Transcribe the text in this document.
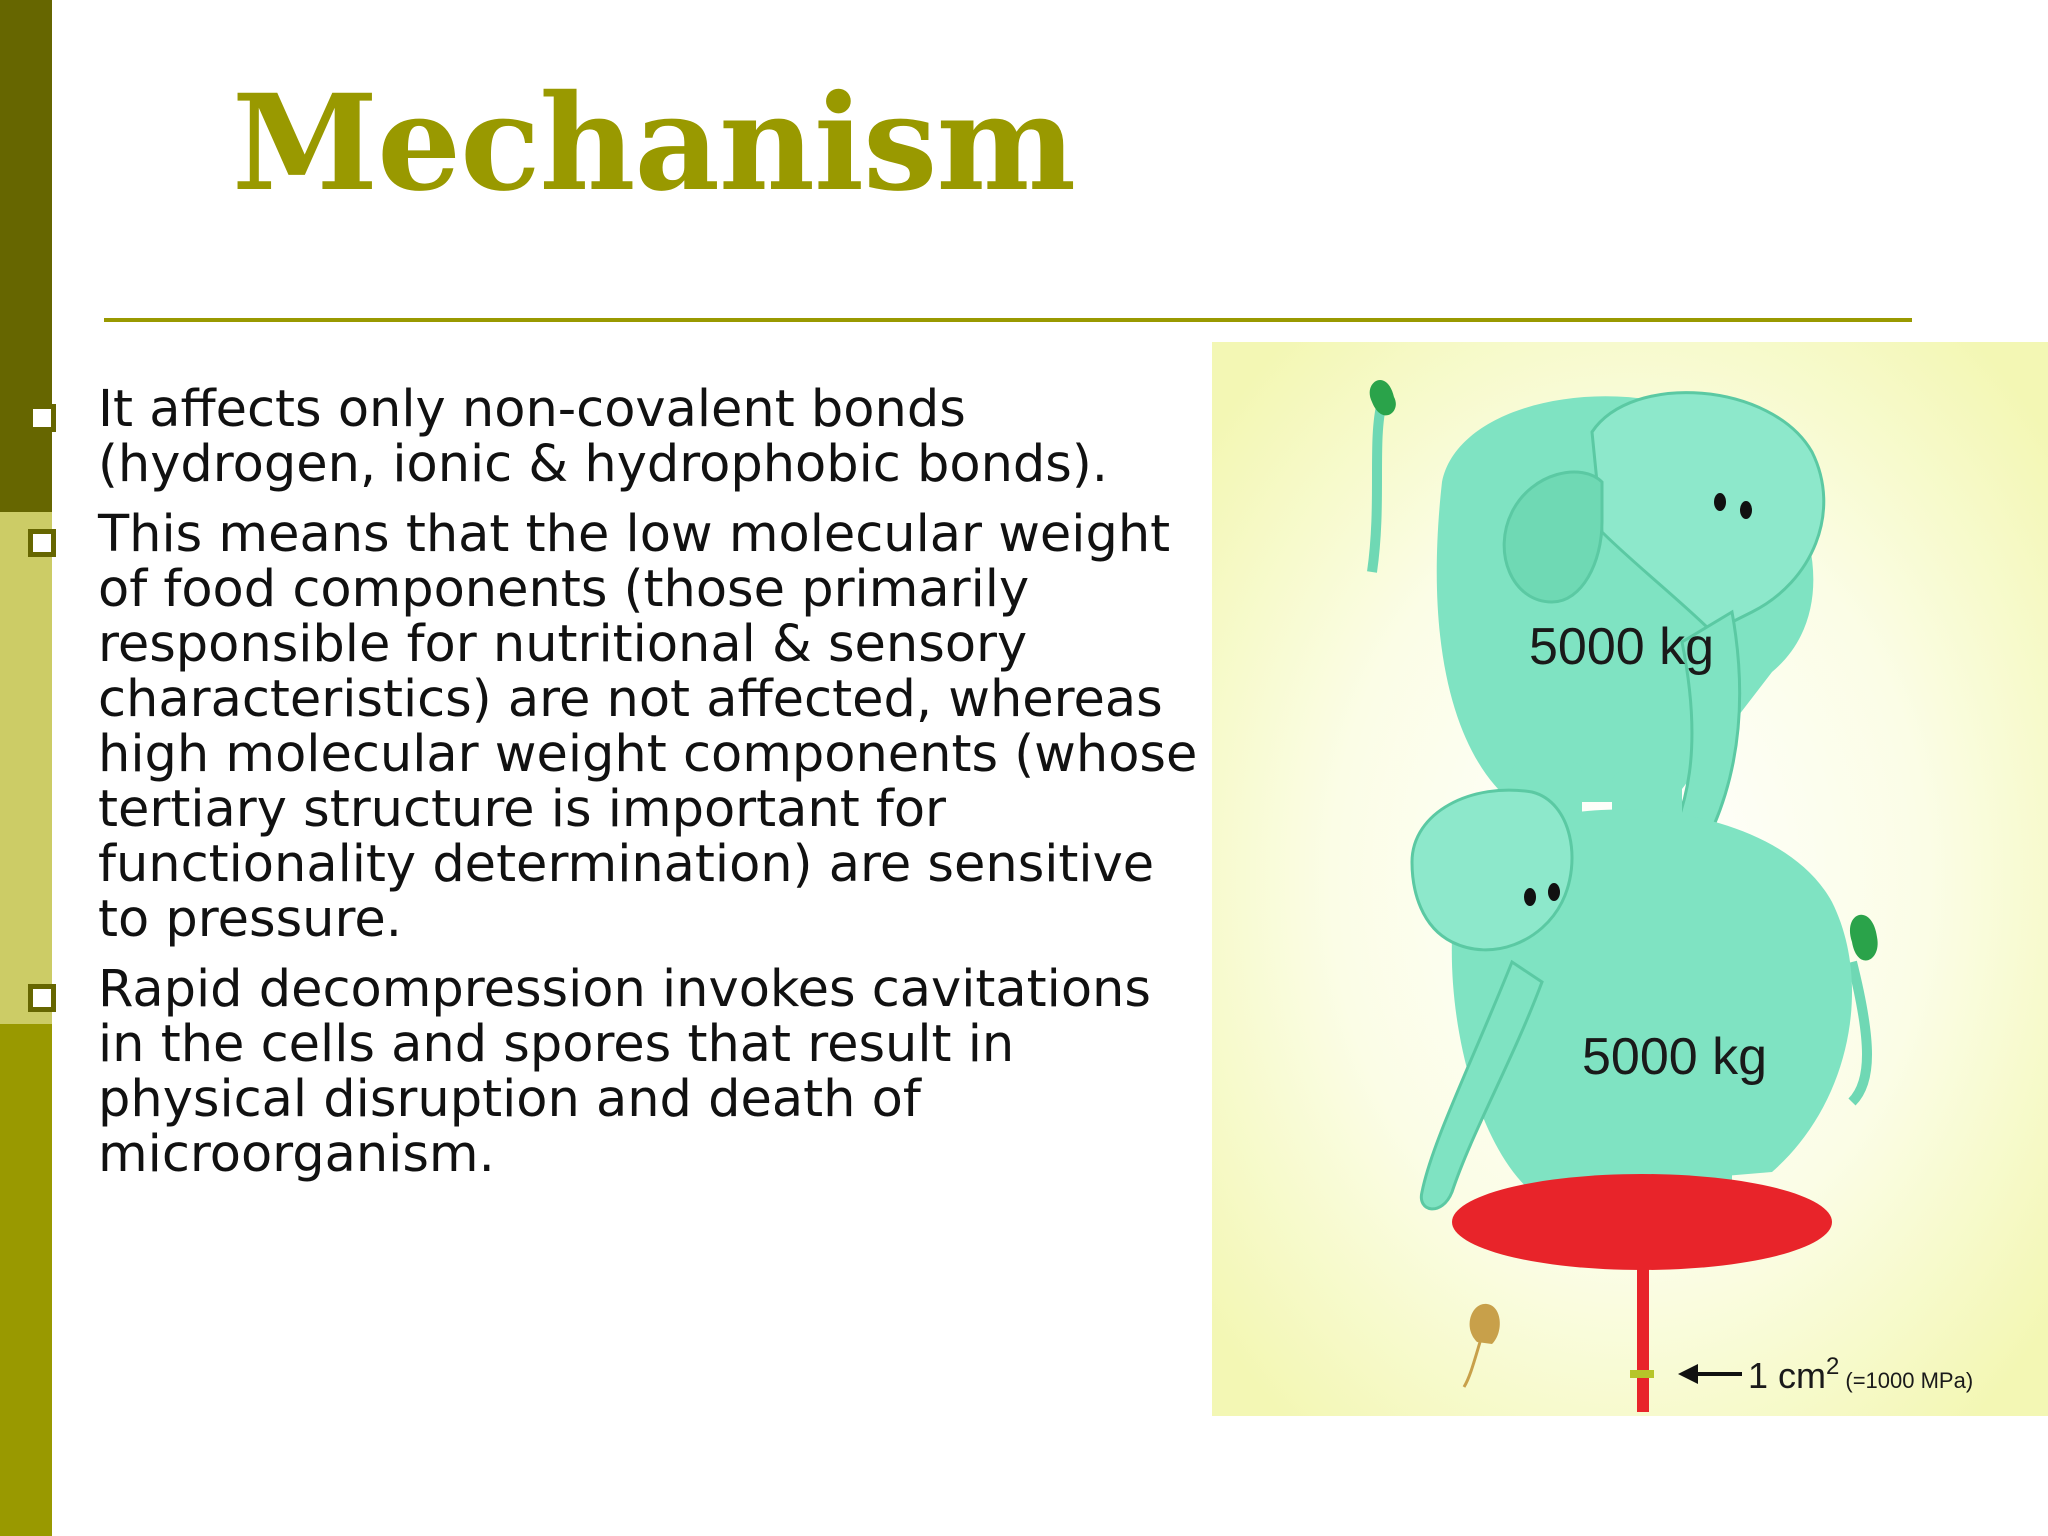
Mechanism
It affects only non-covalent bonds (hydrogen, ionic & hydrophobic bonds).
This means that the low molecular weight of food components (those primarily responsible for nutritional & sensory characteristics) are not affected, whereas high molecular weight components (whose tertiary structure is important for functionality determination) are sensitive to pressure.
Rapid decompression invokes cavitations in the cells and spores that result in physical disruption and death of microorganism.
5000 kg
5000 kg
1 $cm^2_{(=1000 MPa)}$
